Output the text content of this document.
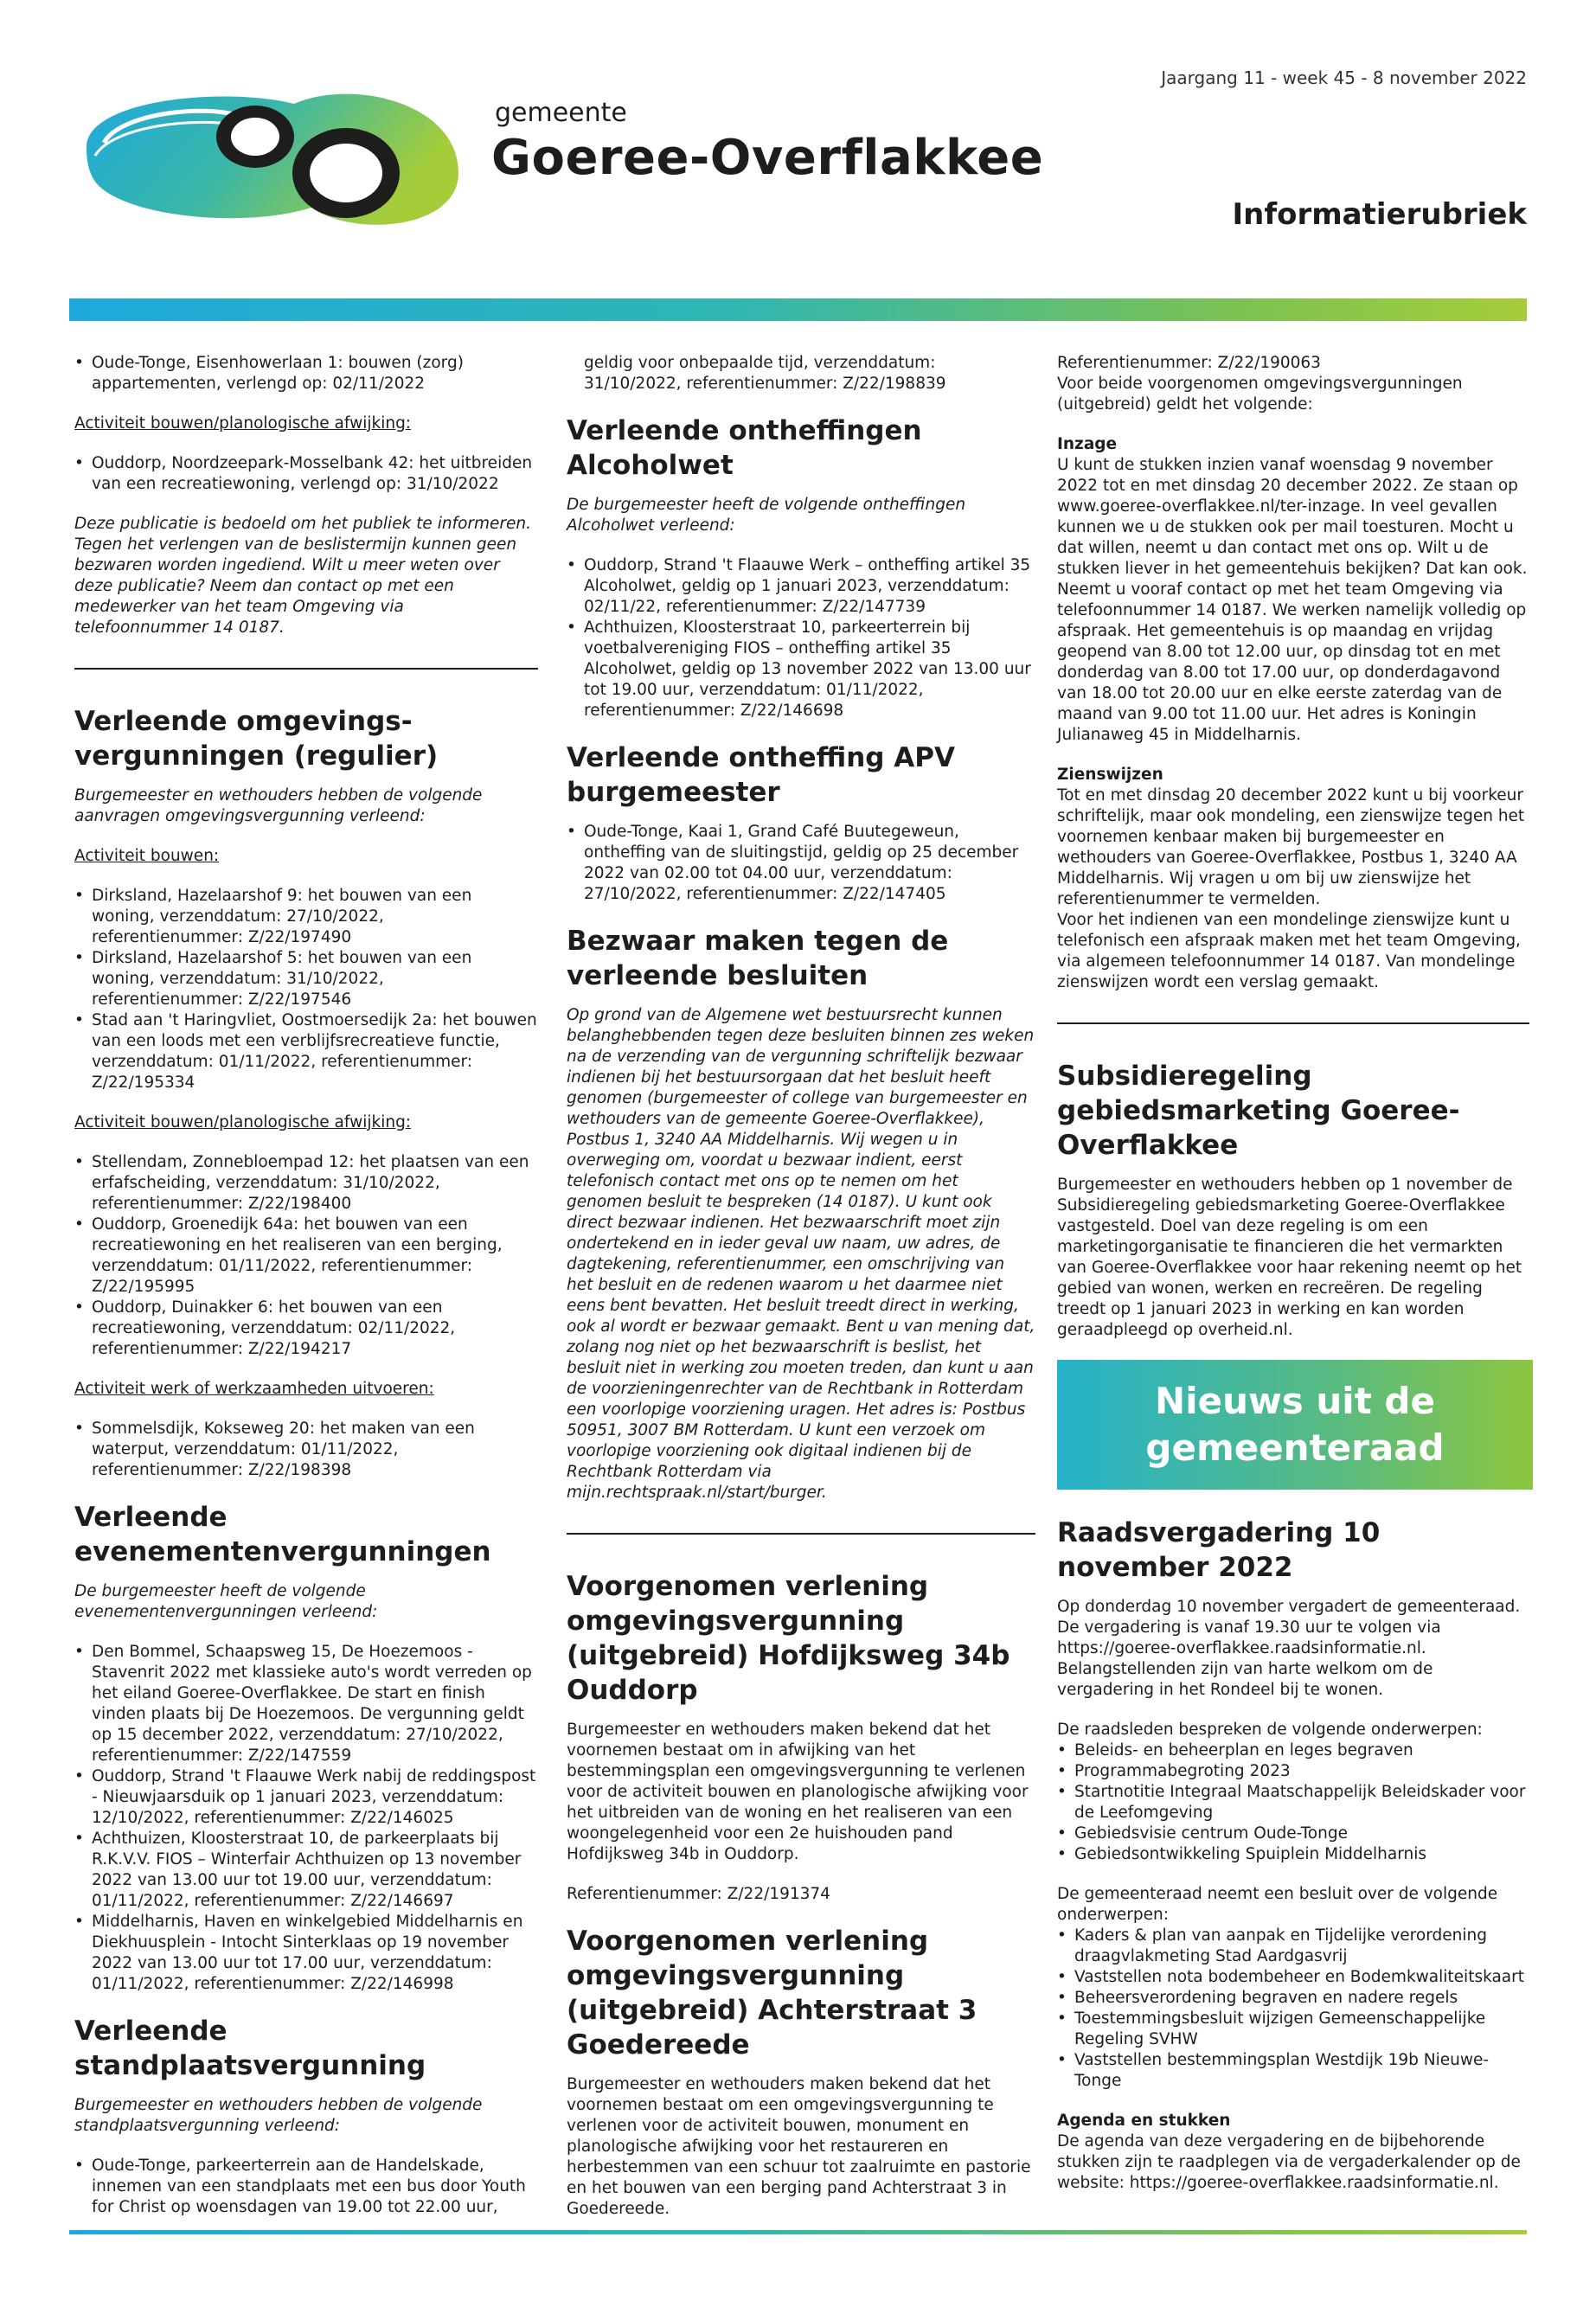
Jaargang 11 - week 45 - 8 november 2022
gemeente
Goeree-Overflakkee
Informatierubriek
• Oude-Tonge, Eisenhowerlaan 1: bouwen (zorg) appartementen, verlengd op: 02/11/2022

Activiteit bouwen/planologische afwijking:

• Ouddorp, Noordzeepark-Mosselbank 42: het uitbreiden van een recreatiewoning, verlengd op: 31/10/2022

Deze publicatie is bedoeld om het publiek te informeren. Tegen het verlengen van de beslistermijn kunnen geen bezwaren worden ingediend. Wilt u meer weten over deze publicatie? Neem dan contact op met een medewerker van het team Omgeving via telefoonnummer 14 0187.

Verleende omgevings-vergunningen (regulier)

Burgemeester en wethouders hebben de volgende aanvragen omgevingsvergunning verleend:

Activiteit bouwen:

• Dirksland, Hazelaarshof 9: het bouwen van een woning, verzenddatum: 27/10/2022, referentienummer: Z/22/197490
• Dirksland, Hazelaarshof 5: het bouwen van een woning, verzenddatum: 31/10/2022, referentienummer: Z/22/197546
• Stad aan 't Haringvliet, Oostmoersedijk 2a: het bouwen van een loods met een verblijfsrecreatieve functie, verzenddatum: 01/11/2022, referentienummer: Z/22/195334

Activiteit bouwen/planologische afwijking:

• Stellendam, Zonnebloempad 12: het plaatsen van een erfafscheiding, verzenddatum: 31/10/2022, referentienummer: Z/22/198400
• Ouddorp, Groenedijk 64a: het bouwen van een recreatiewoning en het realiseren van een berging, verzenddatum: 01/11/2022, referentienummer: Z/22/195995
• Ouddorp, Duinakker 6: het bouwen van een recreatiewoning, verzenddatum: 02/11/2022, referentienummer: Z/22/194217

Activiteit werk of werkzaamheden uitvoeren:

• Sommelsdijk, Kokseweg 20: het maken van een waterput, verzenddatum: 01/11/2022, referentienummer: Z/22/198398
Verleende evenementenvergunningen

De burgemeester heeft de volgende evenementenvergunningen verleend:

• Den Bommel, Schaapsweg 15, De Hoezemoos - Stavenrit 2022 met klassieke auto's wordt verreden op het eiland Goeree-Overflakkee. De start en finish vinden plaats bij De Hoezemoos. De vergunning geldt op 15 december 2022, verzenddatum: 27/10/2022, referentienummer: Z/22/147559
• Ouddorp, Strand 't Flaauwe Werk nabij de reddingspost - Nieuwjaarsduik op 1 januari 2023, verzenddatum: 12/10/2022, referentienummer: Z/22/146025
• Achthuizen, Kloosterstraat 10, de parkeerplaats bij R.K.V.V. FIOS – Winterfair Achthuizen op 13 november 2022 van 13.00 uur tot 19.00 uur, verzenddatum: 01/11/2022, referentienummer: Z/22/146697
• Middelharnis, Haven en winkelgebied Middelharnis en Diekhuusplein - Intocht Sinterklaas op 19 november 2022 van 13.00 uur tot 17.00 uur, verzenddatum: 01/11/2022, referentienummer: Z/22/146998
Verleende standplaatsvergunning

Burgemeester en wethouders hebben de volgende standplaatsvergunning verleend:

• Oude-Tonge, parkeerterrein aan de Handelskade, innemen van een standplaats met een bus door Youth for Christ op woensdagen van 19.00 tot 22.00 uur,

geldig voor onbepaalde tijd, verzenddatum: 31/10/2022, referentienummer: Z/22/198839

Verleende ontheffingen Alcoholwet

De burgemeester heeft de volgende ontheffingen Alcoholwet verleend:

• Ouddorp, Strand 't Flaauwe Werk – ontheffing artikel 35 Alcoholwet, geldig op 1 januari 2023, verzenddatum: 02/11/22, referentienummer: Z/22/147739
• Achthuizen, Kloosterstraat 10, parkeerterrein bij voetbalvereniging FIOS – ontheffing artikel 35 Alcoholwet, geldig op 13 november 2022 van 13.00 uur tot 19.00 uur, verzenddatum: 01/11/2022, referentienummer: Z/22/146698
Verleende ontheffing APV burgemeester
• Oude-Tonge, Kaai 1, Grand Café Buutegeweun, ontheffing van de sluitingstijd, geldig op 25 december 2022 van 02.00 tot 04.00 uur, verzenddatum: 27/10/2022, referentienummer: Z/22/147405
Bezwaar maken tegen de verleende besluiten

Op grond van de Algemene wet bestuursrecht kunnen belanghebbenden tegen deze besluiten binnen zes weken na de verzending van de vergunning schriftelijk bezwaar indienen bij het bestuursorgaan dat het besluit heeft genomen (burgemeester of college van burgemeester en wethouders van de gemeente Goeree-Overflakkee), Postbus 1, 3240 AA Middelharnis. Wij wegen u in overweging om, voordat u bezwaar indient, eerst telefonisch contact met ons op te nemen om het genomen besluit te bespreken (14 0187). U kunt ook direct bezwaar indienen. Het bezwaarschrift moet zijn ondertekend en in ieder geval uw naam, uw adres, de dagtekening, referentienummer, een omschrijving van het besluit en de redenen waarom u het daarmee niet eens bent bevatten. Het besluit treedt direct in werking, ook al wordt er bezwaar gemaakt. Bent u van mening dat, zolang nog niet op het bezwaarschrift is beslist, het besluit niet in werking zou moeten treden, dan kunt u aan de voorzieningenrechter van de Rechtbank in Rotterdam een voorlopige voorziening uragen. Het adres is: Postbus 50951, 3007 BM Rotterdam. U kunt een verzoek om voorlopige voorziening ook digitaal indienen bij de Rechtbank Rotterdam via mijn.rechtspraak.nl/start/burger.

Voorgenomen verlening omgevingsvergunning (uitgebreid) Hofdijksweg 34b Ouddorp

Burgemeester en wethouders maken bekend dat het voornemen bestaat om in afwijking van het bestemmingsplan een omgevingsvergunning te verlenen voor de activiteit bouwen en planologische afwijking voor het uitbreiden van de woning en het realiseren van een woongelegenheid voor een 2e huishouden pand Hofdijksweg 34b in Ouddorp.

Referentienummer: Z/22/191374

Voorgenomen verlening omgevingsvergunning (uitgebreid) Achterstraat 3 Goedereede

Burgemeester en wethouders maken bekend dat het voornemen bestaat om een omgevingsvergunning te verlenen voor de activiteit bouwen, monument en planologische afwijking voor het restaureren en herbestemmen van een schuur tot zaalruimte en pastorie en het bouwen van een berging pand Achterstraat 3 in Goedereede.

Referentienummer: Z/22/190063

Voor beide voorgenomen omgevingsvergunningen (uitgebreid) geldt het volgende:

Inzage

U kunt de stukken inzien vanaf woensdag 9 november 2022 tot en met dinsdag 20 december 2022. Ze staan op www.goeree-overflakkee.nl/ter-inzage. In veel gevallen kunnen we u de stukken ook per mail toesturen. Mocht u dat willen, neemt u dan contact met ons op. Wilt u de stukken liever in het gemeentehuis bekijken? Dat kan ook. Neemt u vooraf contact op met het team Omgeving via telefoonnummer 14 0187. We werken namelijk volledig op afspraak. Het gemeentehuis is op maandag en vrijdag geopend van 8.00 tot 12.00 uur, op dinsdag tot en met donderdag van 8.00 tot 17.00 uur, op donderdagavond van 18.00 tot 20.00 uur en elke eerste zaterdag van de maand van 9.00 tot 11.00 uur. Het adres is Koningin Julianaweg 45 in Middelharnis.

Zienswijzen
Tot en met dinsdag 20 december 2022 kunt u bij voorkeur schriftelijk, maar ook mondeling, een zienswijze tegen het voornemen kenbaar maken bij burgemeester en wethouders van Goeree-Overflakkee, Postbus 1, 3240 AA Middelharnis. Wij vragen u om bij uw zienswijze het referentienummer te vermelden.

Voor het indienen van een mondelinge zienswijze kunt u telefonisch een afspraak maken met het team Omgeving, via algemeen telefoonnummer 14 0187. Van mondelinge zienswijzen wordt een verslag gemaakt.

Subsidieregeling gebiedsmarketing Goeree-Overflakkee

Burgemeester en wethouders hebben op 1 november de Subsidieregeling gebiedsmarketing Goeree-Overflakkee vastgesteld. Doel van deze regeling is om een marketingorganisatie te financieren die het vermarkten van Goeree-Overflakkee voor haar rekening neemt op het gebied van wonen, werken en recreëren. De regeling treedt op 1 januari 2023 in werking en kan worden geraadpleegd op overheid.nl.

Nieuws uit de gemeenteraad
Raadsvergadering 10 november 2022

Op donderdag 10 november vergadert de gemeenteraad. De vergadering is vanaf 19.30 uur te volgen via https://goeree-overflakkee.raadsinformatie.nl. Belangstellenden zijn van harte welkom om de vergadering in het Rondeel bij te wonen.

De raadsleden bespreken de volgende onderwerpen:
• Beleids- en beheerplan en leges begraven
• Programmabegroting 2023
• Startnotitie Integraal Maatschappelijk Beleidskader voor de Leefomgeving
• Gebiedsvisie centrum Oude-Tonge
• Gebiedsontwikkeling Spuiplein Middelharnis
De gemeenteraad neemt een besluit over de volgende onderwerpen:
• Kaders & plan van aanpak en Tijdelijke verordening draagvlakmeting Stad Aardgasvrij
• Vaststellen nota bodembeheer en Bodemkwaliteitskaart
• Beheersverordening begraven en nadere regels
• Toestemmingsbesluit wijzigen Gemeenschappelijke Regeling SVHW
• Vaststellen bestemmingsplan Westdijk 19b Nieuwe-Tonge
Agenda en stukken

De agenda van deze vergadering en de bijbehorende stukken zijn te raadplegen via de vergaderkalender op de website: https://goeree-overflakkee.raadsinformatie.nl.
